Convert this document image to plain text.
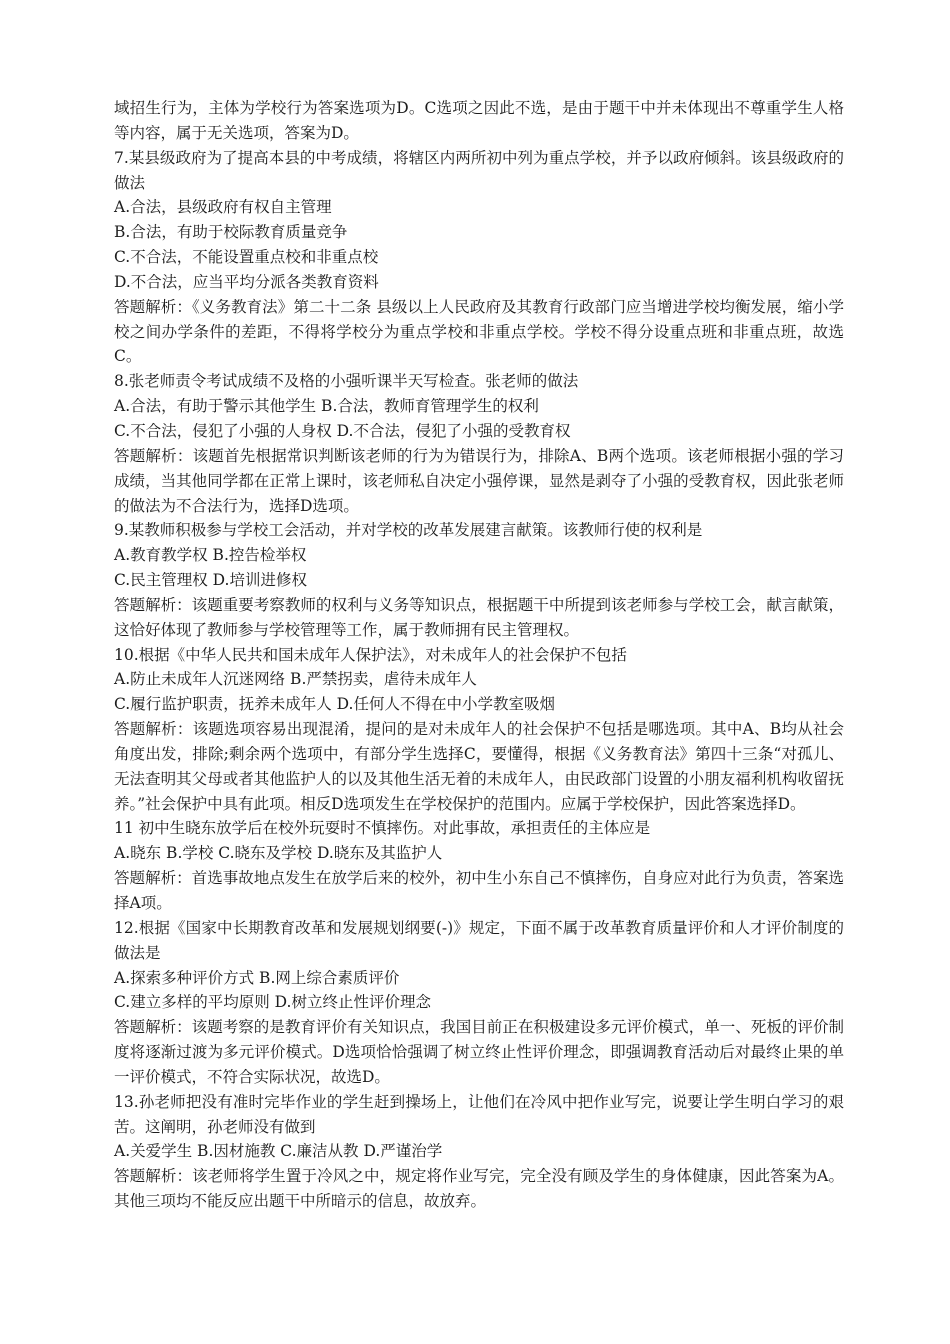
域招生行为，主体为学校行为答案选项为D。C选项之因此不选，是由于题干中并未体现出不尊重学生人格等内容，属于无关选项，答案为D。

7.某县级政府为了提高本县的中考成绩，将辖区内两所初中列为重点学校，并予以政府倾斜。该县级政府的做法

A.合法，县级政府有权自主管理

B.合法，有助于校际教育质量竞争

C.不合法，不能设置重点校和非重点校

D.不合法，应当平均分派各类教育资料

答题解析：《义务教育法》第二十二条 县级以上人民政府及其教育行政部门应当增进学校均衡发展，缩小学校之间办学条件的差距，不得将学校分为重点学校和非重点学校。学校不得分设重点班和非重点班，故选C。

8.张老师责令考试成绩不及格的小强听课半天写检查。张老师的做法

A.合法，有助于警示其他学生 B.合法，教师育管理学生的权利

C.不合法，侵犯了小强的人身权 D.不合法，侵犯了小强的受教育权

答题解析：该题首先根据常识判断该老师的行为为错误行为，排除A、B两个选项。该老师根据小强的学习成绩，当其他同学都在正常上课时，该老师私自决定小强停课，显然是剥夺了小强的受教育权，因此张老师的做法为不合法行为，选择D选项。

9.某教师积极参与学校工会活动，并对学校的改革发展建言献策。该教师行使的权利是

A.教育教学权 B.控告检举权

C.民主管理权 D.培训进修权

答题解析：该题重要考察教师的权利与义务等知识点，根据题干中所提到该老师参与学校工会，献言献策，这恰好体现了教师参与学校管理等工作，属于教师拥有民主管理权。

10.根据《中华人民共和国未成年人保护法》，对未成年人的社会保护不包括

A.防止未成年人沉迷网络 B.严禁拐卖，虐待未成年人

C.履行监护职责，抚养未成年人 D.任何人不得在中小学教室吸烟

答题解析：该题选项容易出现混淆，提问的是对未成年人的社会保护不包括是哪选项。其中A、B均从社会角度出发，排除;剩余两个选项中，有部分学生选择C，要懂得，根据《义务教育法》第四十三条“对孤儿、无法查明其父母或者其他监护人的以及其他生活无着的未成年人，由民政部门设置的小朋友福利机构收留抚养。”社会保护中具有此项。相反D选项发生在学校保护的范围内。应属于学校保护，因此答案选择D。

11 初中生晓东放学后在校外玩耍时不慎摔伤。对此事故，承担责任的主体应是

A.晓东 B.学校 C.晓东及学校 D.晓东及其监护人

答题解析：首选事故地点发生在放学后来的校外，初中生小东自己不慎摔伤，自身应对此行为负责，答案选择A项。

12.根据《国家中长期教育改革和发展规划纲要(-)》规定，下面不属于改革教育质量评价和人才评价制度的做法是

A.探索多种评价方式 B.网上综合素质评价

C.建立多样的平均原则 D.树立终止性评价理念

答题解析：该题考察的是教育评价有关知识点，我国目前正在积极建设多元评价模式，单一、死板的评价制度将逐渐过渡为多元评价模式。D选项恰恰强调了树立终止性评价理念，即强调教育活动后对最终止果的单一评价模式，不符合实际状况，故选D。

13.孙老师把没有准时完毕作业的学生赶到操场上，让他们在冷风中把作业写完，说要让学生明白学习的艰苦。这阐明，孙老师没有做到

A.关爱学生 B.因材施教 C.廉洁从教 D.严谨治学

答题解析：该老师将学生置于冷风之中，规定将作业写完，完全没有顾及学生的身体健康，因此答案为A。其他三项均不能反应出题干中所暗示的信息，故放弃。
